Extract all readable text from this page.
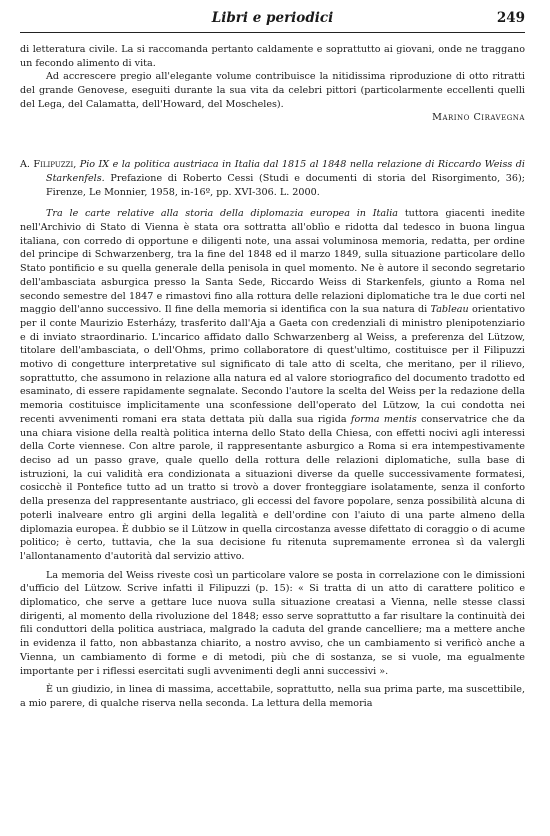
Libri e periodici	249

di letteratura civile. La si raccomanda pertanto caldamente e soprattutto ai giovani, onde ne traggano un fecondo alimento di vita.

Ad accrescere pregio all'elegante volume contribuisce la nitidissima riproduzione di otto ritratti del grande Genovese, eseguiti durante la sua vita da celebri pittori (particolarmente eccellenti quelli del Lega, del Calamatta, dell'Howard, del Moscheles).

Marino Ciravegna

A. Filipuzzi, Pio IX e la politica austriaca in Italia dal 1815 al 1848 nella relazione di Riccardo Weiss di Starkenfels. Prefazione di Roberto Cessi (Studi e documenti di storia del Risorgimento, 36); Firenze, Le Monnier, 1958, in-16º, pp. XVI-306. L. 2000.

Tra le carte relative alla storia della diplomazia europea in Italia tuttora giacenti inedite nell'Archivio di Stato di Vienna è stata ora sottratta all'oblìo e ridotta dal tedesco in buona lingua italiana, con corredo di opportune e diligenti note, una assai voluminosa memoria, redatta, per ordine del principe di Schwarzenberg, tra la fine del 1848 ed il marzo 1849, sulla situazione particolare dello Stato pontificio e su quella generale della penisola in quel momento. Ne è autore il secondo segretario dell'ambasciata asburgica presso la Santa Sede, Riccardo Weiss di Starkenfels, giunto a Roma nel secondo semestre del 1847 e rimastovi fino alla rottura delle relazioni diplomatiche tra le due corti nel maggio dell'anno successivo. Il fine della memoria si identifica con la sua natura di Tableau orientativo per il conte Maurizio Esterházy, trasferito dall'Aja a Gaeta con credenziali di ministro plenipotenziario e di inviato straordinario. L'incarico affidato dallo Schwarzenberg al Weiss, a preferenza del Lützow, titolare dell'ambasciata, o dell'Ohms, primo collaboratore di quest'ultimo, costituisce per il Filipuzzi motivo di congetture interpretative sul significato di tale atto di scelta, che meritano, per il rilievo, soprattutto, che assumono in relazione alla natura ed al valore storiografico del documento tradotto ed esaminato, di essere rapidamente segnalate. Secondo l'autore la scelta del Weiss per la redazione della memoria costituisce implicitamente una sconfessione dell'operato del Lützow, la cui condotta nei recenti avvenimenti romani era stata dettata più dalla sua rigida forma mentis conservatrice che da una chiara visione della realtà politica interna dello Stato della Chiesa, con effetti nocivi agli interessi della Corte viennese. Con altre parole, il rappresentante asburgico a Roma si era intempestivamente deciso ad un passo grave, quale quello della rottura delle relazioni diplomatiche, sulla base di istruzioni, la cui validità era condizionata a situazioni diverse da quelle successivamente formatesi, cosicchè il Pontefice tutto ad un tratto si trovò a dover fronteggiare isolatamente, senza il conforto della presenza del rappresentante austriaco, gli eccessi del favore popolare, senza possibilità alcuna di poterli inalveare entro gli argini della legalità e dell'ordine con l'aiuto di una parte almeno della diplomazia europea. È dubbio se il Lützow in quella circostanza avesse difettato di coraggio o di acume politico; è certo, tuttavia, che la sua decisione fu ritenuta supremamente erronea sì da valergli l'allontanamento d'autorità dal servizio attivo.

La memoria del Weiss riveste così un particolare valore se posta in correlazione con le dimissioni d'ufficio del Lützow. Scrive infatti il Filipuzzi (p. 15): « Si tratta di un atto di carattere politico e diplomatico, che serve a gettare luce nuova sulla situazione creatasi a Vienna, nelle stesse classi dirigenti, al momento della rivoluzione del 1848; esso serve soprattutto a far risultare la continuità dei fili conduttori della politica austriaca, malgrado la caduta del grande cancelliere; ma a mettere anche in evidenza il fatto, non abbastanza chiarito, a nostro avviso, che un cambiamento si verificò anche a Vienna, un cambiamento di forme e di metodi, più che di sostanza, se si vuole, ma egualmente importante per i riflessi esercitati sugli avvenimenti degli anni successivi ».

È un giudizio, in linea di massima, accettabile, soprattutto, nella sua prima parte, ma suscettibile, a mio parere, di qualche riserva nella seconda. La lettura della memoria
